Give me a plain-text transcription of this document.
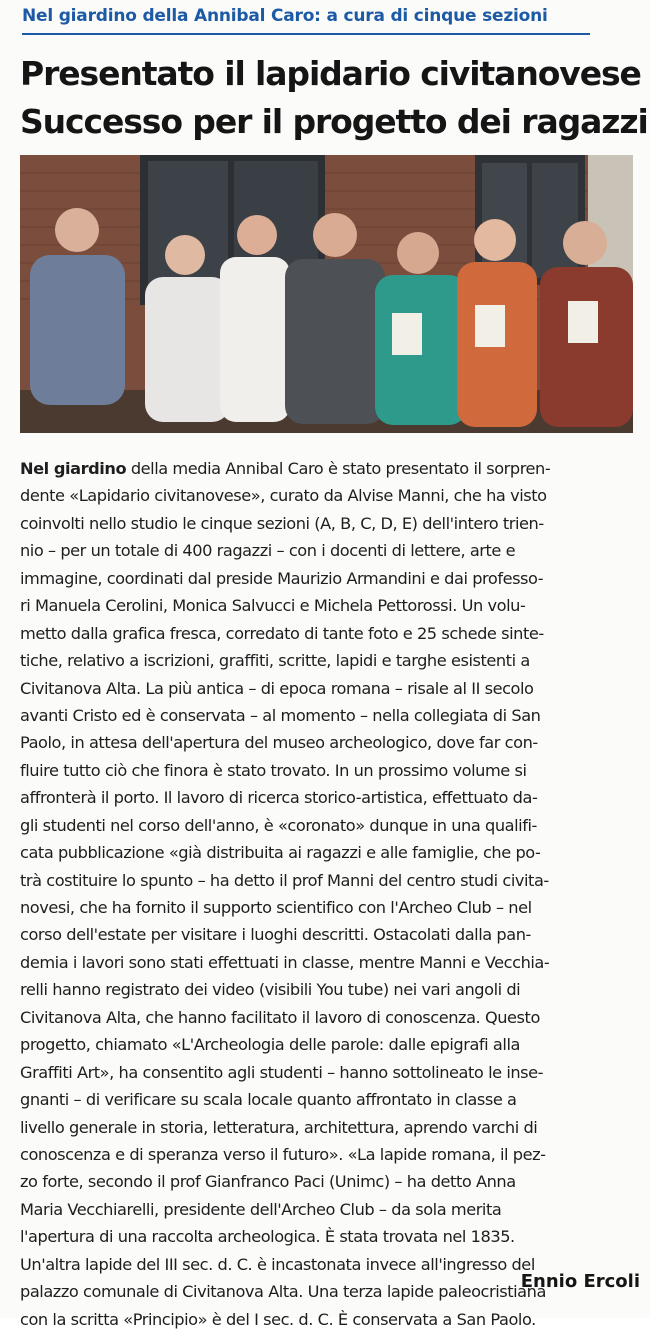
Nel giardino della Annibal Caro: a cura di cinque sezioni
Presentato il lapidario civitanovese
Successo per il progetto dei ragazzi
Nel giardino della media Annibal Caro è stato presentato il sorpren-
dente «Lapidario civitanovese», curato da Alvise Manni, che ha visto
coinvolti nello studio le cinque sezioni (A, B, C, D, E) dell'intero trien-
nio – per un totale di 400 ragazzi – con i docenti di lettere, arte e
immagine, coordinati dal preside Maurizio Armandini e dai professo-
ri Manuela Cerolini, Monica Salvucci e Michela Pettorossi. Un volu-
metto dalla grafica fresca, corredato di tante foto e 25 schede sinte-
tiche, relativo a iscrizioni, graffiti, scritte, lapidi e targhe esistenti a
Civitanova Alta. La più antica – di epoca romana – risale al II secolo
avanti Cristo ed è conservata – al momento – nella collegiata di San
Paolo, in attesa dell'apertura del museo archeologico, dove far con-
fluire tutto ciò che finora è stato trovato. In un prossimo volume si
affronterà il porto. Il lavoro di ricerca storico-artistica, effettuato da-
gli studenti nel corso dell'anno, è «coronato» dunque in una qualifi-
cata pubblicazione «già distribuita ai ragazzi e alle famiglie, che po-
trà costituire lo spunto – ha detto il prof Manni del centro studi civita-
novesi, che ha fornito il supporto scientifico con l'Archeo Club – nel
corso dell'estate per visitare i luoghi descritti. Ostacolati dalla pan-
demia i lavori sono stati effettuati in classe, mentre Manni e Vecchia-
relli hanno registrato dei video (visibili You tube) nei vari angoli di
Civitanova Alta, che hanno facilitato il lavoro di conoscenza. Questo
progetto, chiamato «L'Archeologia delle parole: dalle epigrafi alla
Graffiti Art», ha consentito agli studenti – hanno sottolineato le inse-
gnanti – di verificare su scala locale quanto affrontato in classe a
livello generale in storia, letteratura, architettura, aprendo varchi di
conoscenza e di speranza verso il futuro». «La lapide romana, il pez-
zo forte, secondo il prof Gianfranco Paci (Unimc) – ha detto Anna
Maria Vecchiarelli, presidente dell'Archeo Club – da sola merita
l'apertura di una raccolta archeologica. È stata trovata nel 1835.
Un'altra lapide del III sec. d. C. è incastonata invece all'ingresso del
palazzo comunale di Civitanova Alta. Una terza lapide paleocristiana
con la scritta «Principio» è del I sec. d. C. È conservata a San Paolo.
Ennio Ercoli
